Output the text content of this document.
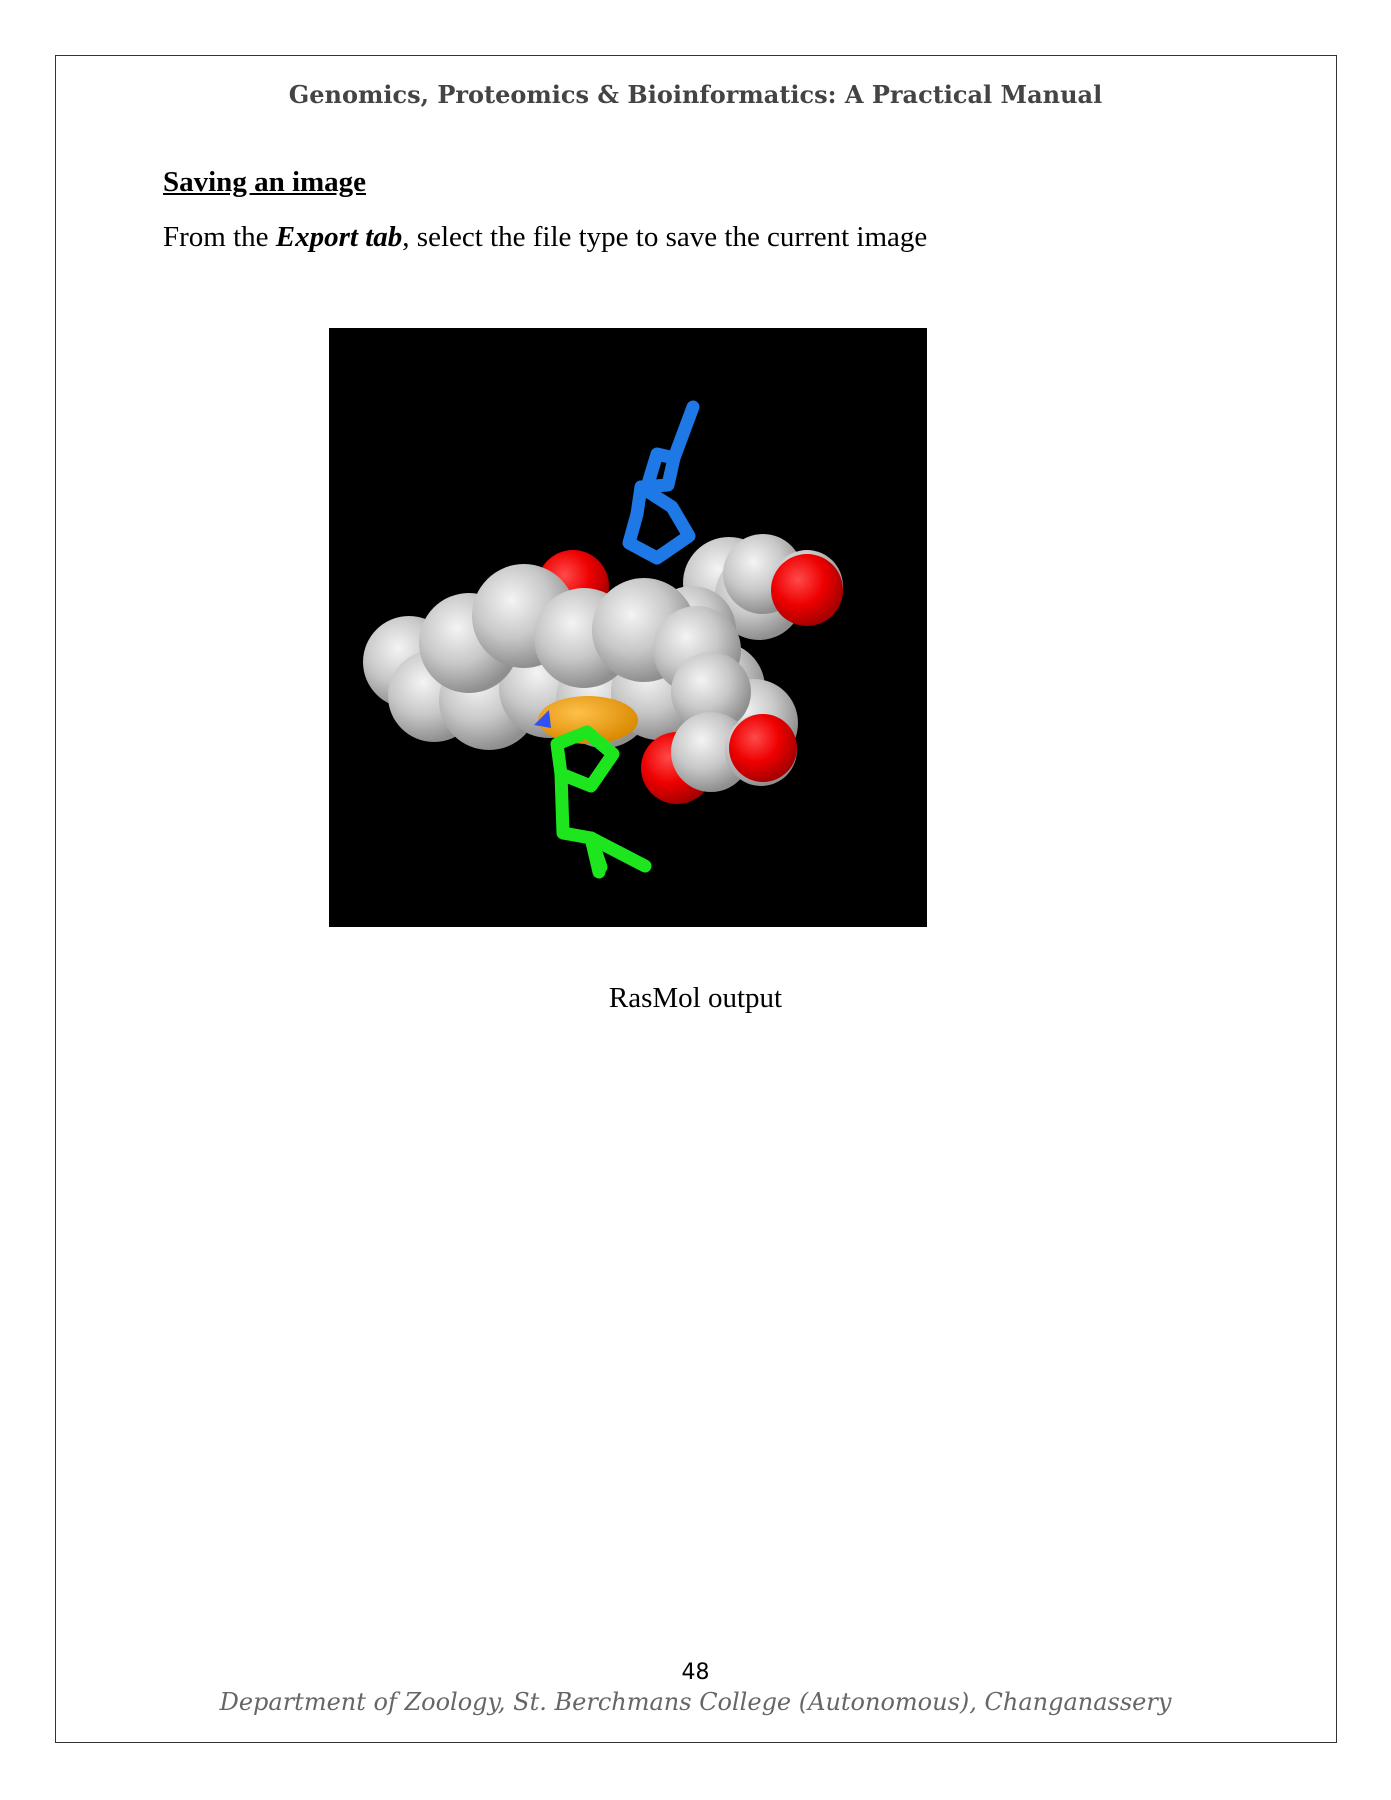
Genomics, Proteomics & Bioinformatics: A Practical Manual
Saving an image
From the Export tab, select the file type to save the current image
RasMol output
48
Department of Zoology, St. Berchmans College (Autonomous), Changanassery
